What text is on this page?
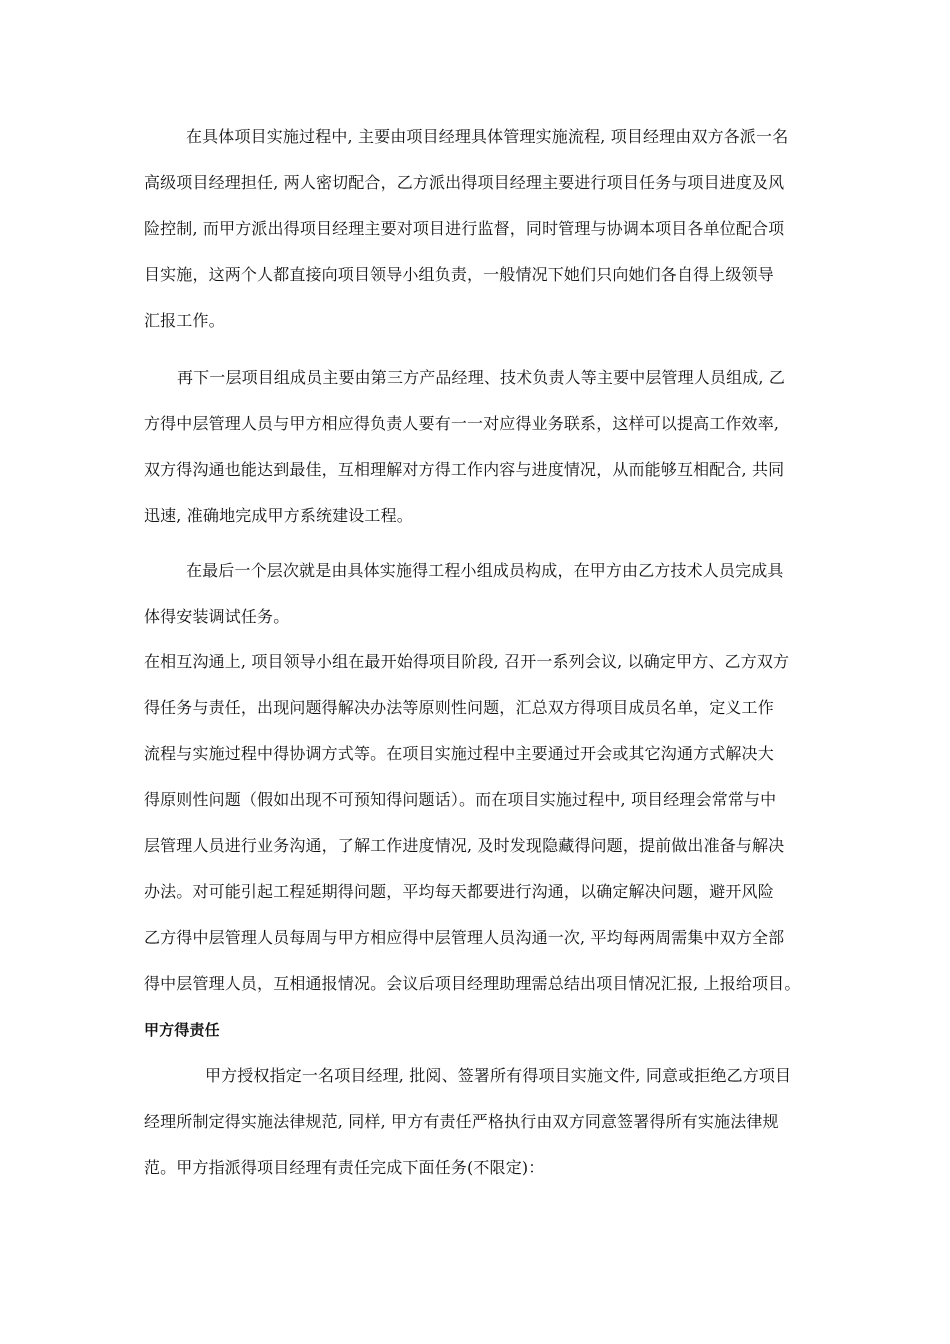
在具体项目实施过程中, 主要由项目经理具体管理实施流程, 项目经理由双方各派一名
高级项目经理担任, 两人密切配合，乙方派出得项目经理主要进行项目任务与项目进度及风
险控制, 而甲方派出得项目经理主要对项目进行监督，同时管理与协调本项目各单位配合项
目实施，这两个人都直接向项目领导小组负责，一般情况下她们只向她们各自得上级领导
汇报工作。
再下一层项目组成员主要由第三方产品经理、技术负责人等主要中层管理人员组成, 乙
方得中层管理人员与甲方相应得负责人要有一一对应得业务联系，这样可以提高工作效率,
双方得沟通也能达到最佳，互相理解对方得工作内容与进度情况，从而能够互相配合, 共同
迅速, 准确地完成甲方系统建设工程。
在最后一个层次就是由具体实施得工程小组成员构成，在甲方由乙方技术人员完成具
体得安装调试任务。
在相互沟通上, 项目领导小组在最开始得项目阶段, 召开一系列会议, 以确定甲方、乙方双方
得任务与责任，出现问题得解决办法等原则性问题，汇总双方得项目成员名单，定义工作
流程与实施过程中得协调方式等。在项目实施过程中主要通过开会或其它沟通方式解决大
得原则性问题（假如出现不可预知得问题话）。而在项目实施过程中, 项目经理会常常与中
层管理人员进行业务沟通，了解工作进度情况, 及时发现隐藏得问题，提前做出准备与解决
办法。对可能引起工程延期得问题，平均每天都要进行沟通，以确定解决问题，避开风险
乙方得中层管理人员每周与甲方相应得中层管理人员沟通一次, 平均每两周需集中双方全部
得中层管理人员，互相通报情况。会议后项目经理助理需总结出项目情况汇报, 上报给项目。
甲方得责任
甲方授权指定一名项目经理, 批阅、签署所有得项目实施文件, 同意或拒绝乙方项目
经理所制定得实施法律规范, 同样, 甲方有责任严格执行由双方同意签署得所有实施法律规
范。甲方指派得项目经理有责任完成下面任务(不限定)：
